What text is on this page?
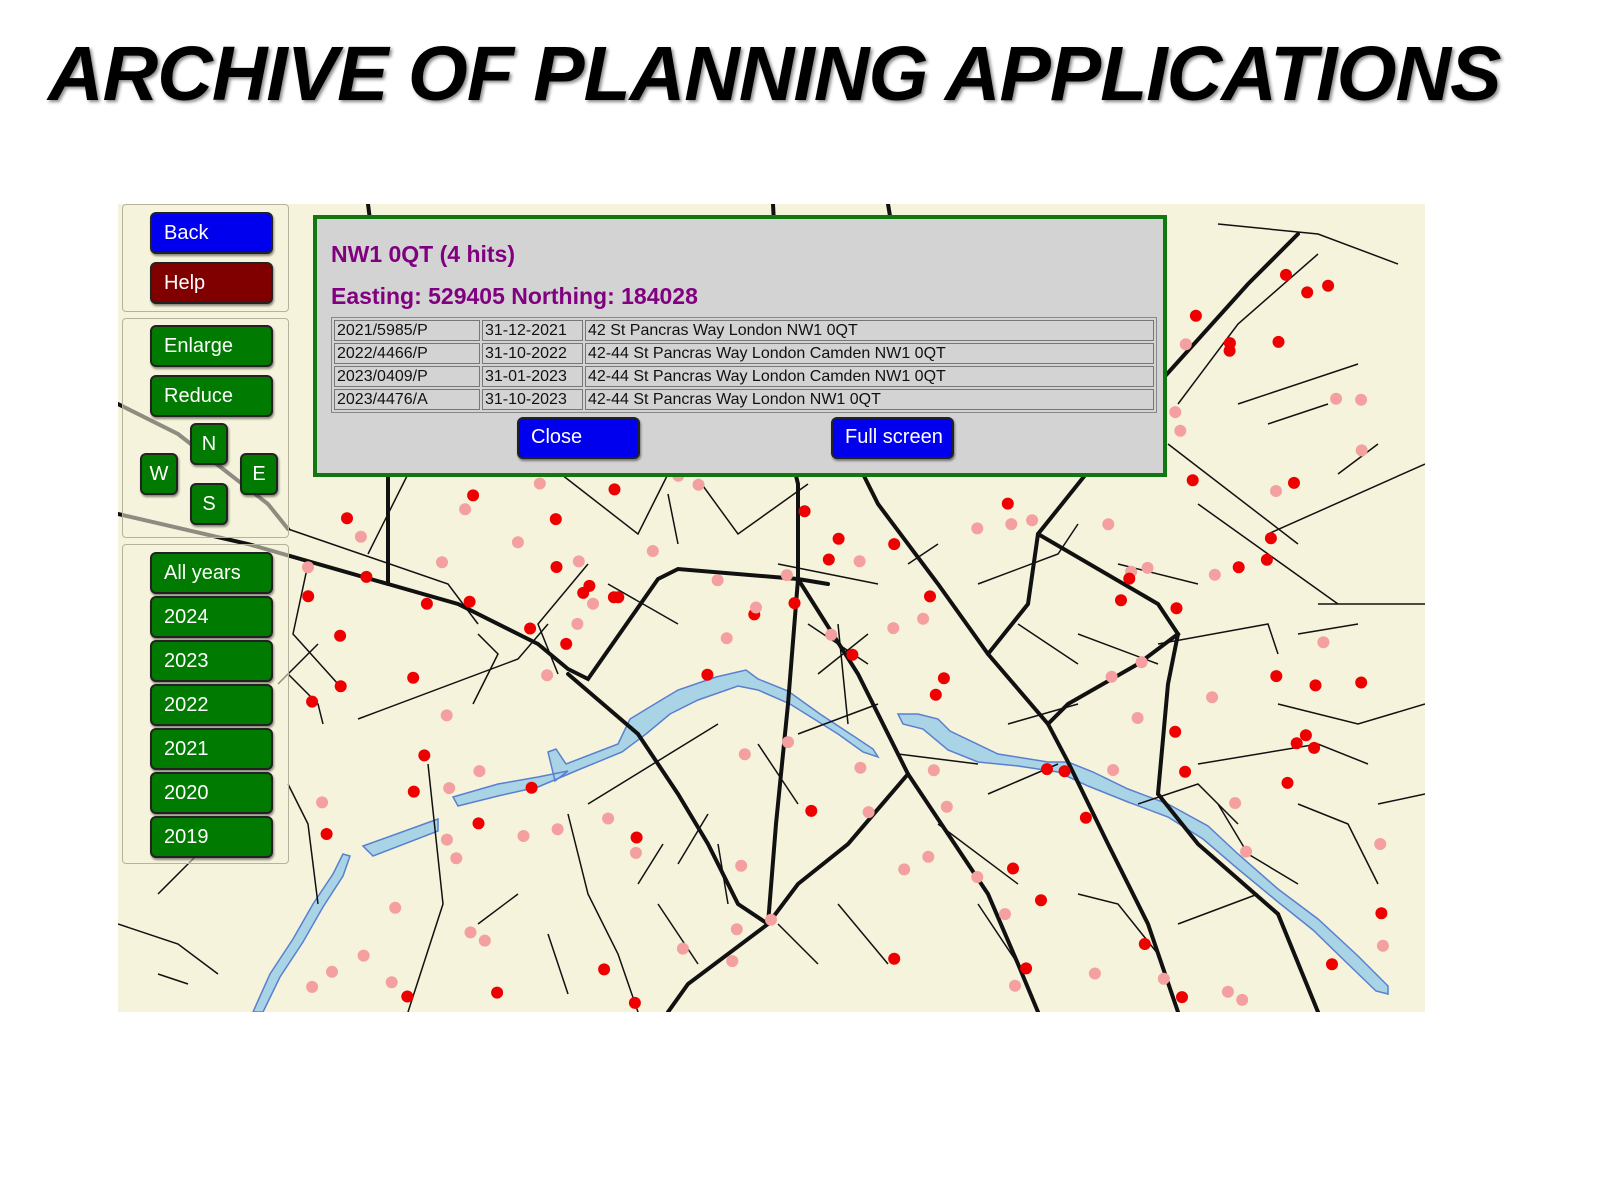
ARCHIVE OF PLANNING APPLICATIONS
Back
Help
Enlarge
Reduce
N
W	E
S
All years
2024
2023
2022
2021
2020
2019
NW1 0QT (4 hits)
Easting: 529405 Northing: 184028
2021/5985/P	31-12-2021	42 St Pancras Way London NW1 0QT
2022/4466/P	31-10-2022	42-44 St Pancras Way London Camden NW1 0QT
2023/0409/P	31-01-2023	42-44 St Pancras Way London Camden NW1 0QT
2023/4476/A	31-10-2023	42-44 St Pancras Way London NW1 0QT
Close	Full screen
